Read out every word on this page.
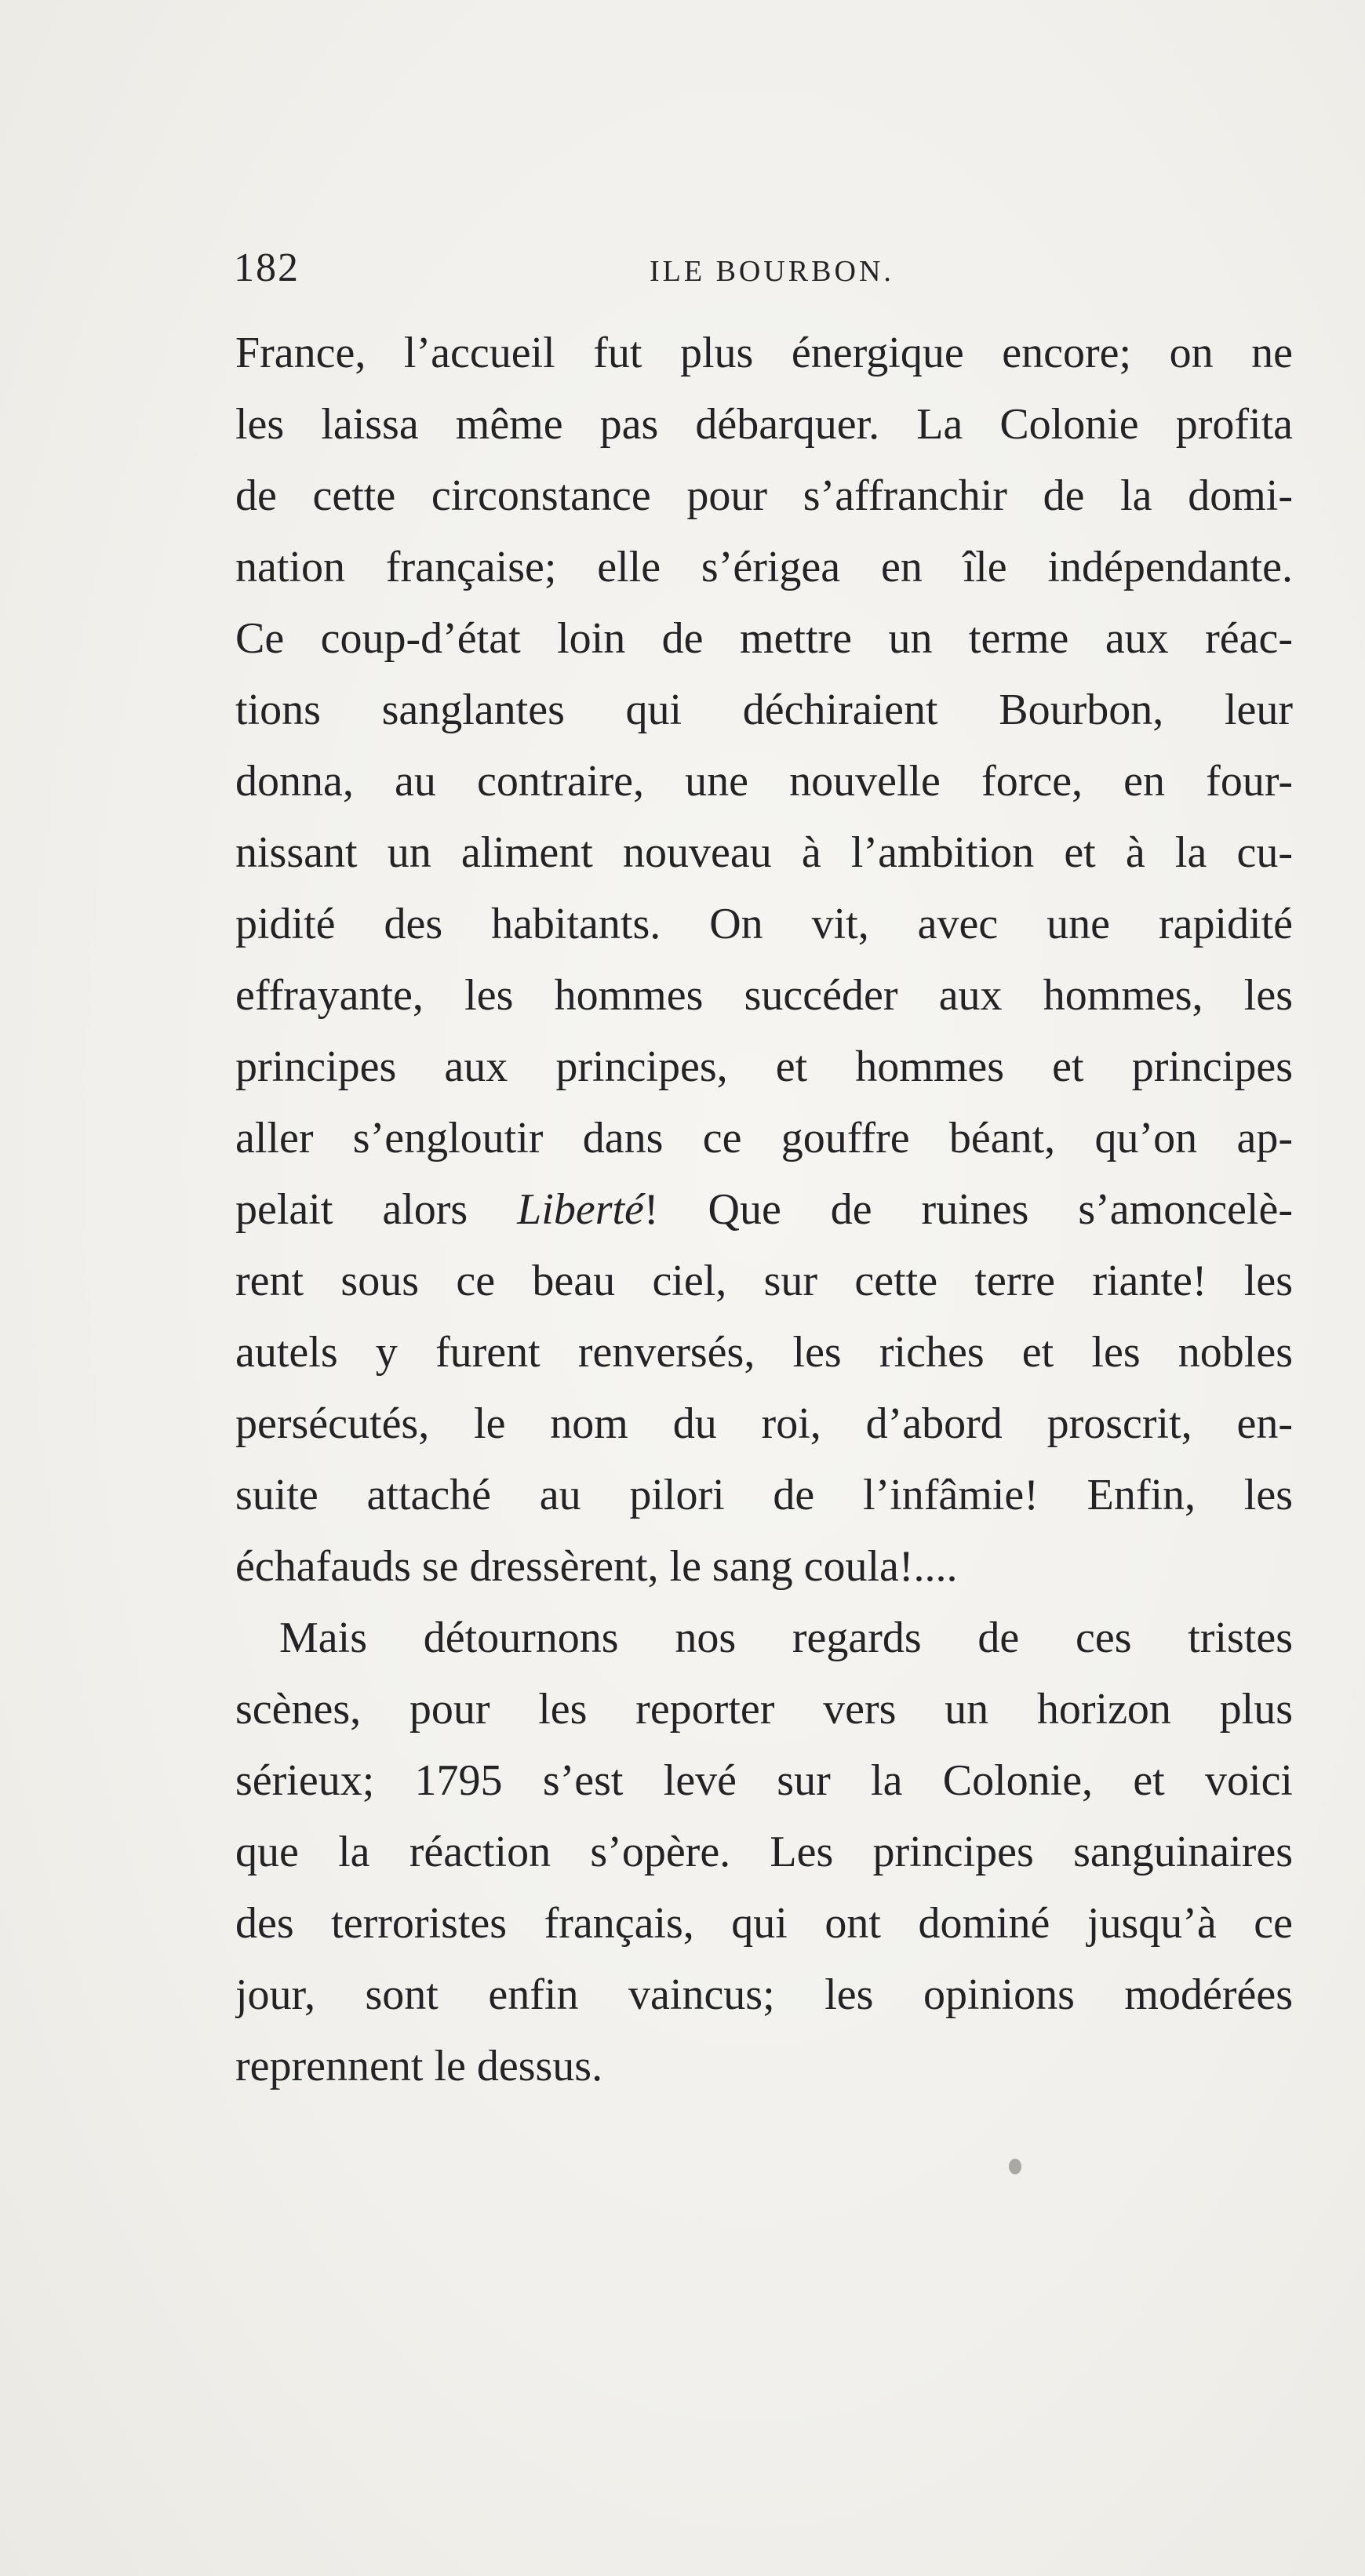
182	ILE BOURBON.
France, l’accueil fut plus énergique encore; on ne
les laissa même pas débarquer. La Colonie profita
de cette circonstance pour s’affranchir de la domi-
nation française; elle s’érigea en île indépendante.
Ce coup-d’état loin de mettre un terme aux réac-
tions sanglantes qui déchiraient Bourbon, leur
donna, au contraire, une nouvelle force, en four-
nissant un aliment nouveau à l’ambition et à la cu-
pidité des habitants. On vit, avec une rapidité
effrayante, les hommes succéder aux hommes, les
principes aux principes, et hommes et principes
aller s’engloutir dans ce gouffre béant, qu’on ap-
pelait alors Liberté! Que de ruines s’amoncelè-
rent sous ce beau ciel, sur cette terre riante! les
autels y furent renversés, les riches et les nobles
persécutés, le nom du roi, d’abord proscrit, en-
suite attaché au pilori de l’infâmie! Enfin, les
échafauds se dressèrent, le sang coula!....
Mais détournons nos regards de ces tristes
scènes, pour les reporter vers un horizon plus
sérieux; 1795 s’est levé sur la Colonie, et voici
que la réaction s’opère. Les principes sanguinaires
des terroristes français, qui ont dominé jusqu’à ce
jour, sont enfin vaincus; les opinions modérées
reprennent le dessus.
